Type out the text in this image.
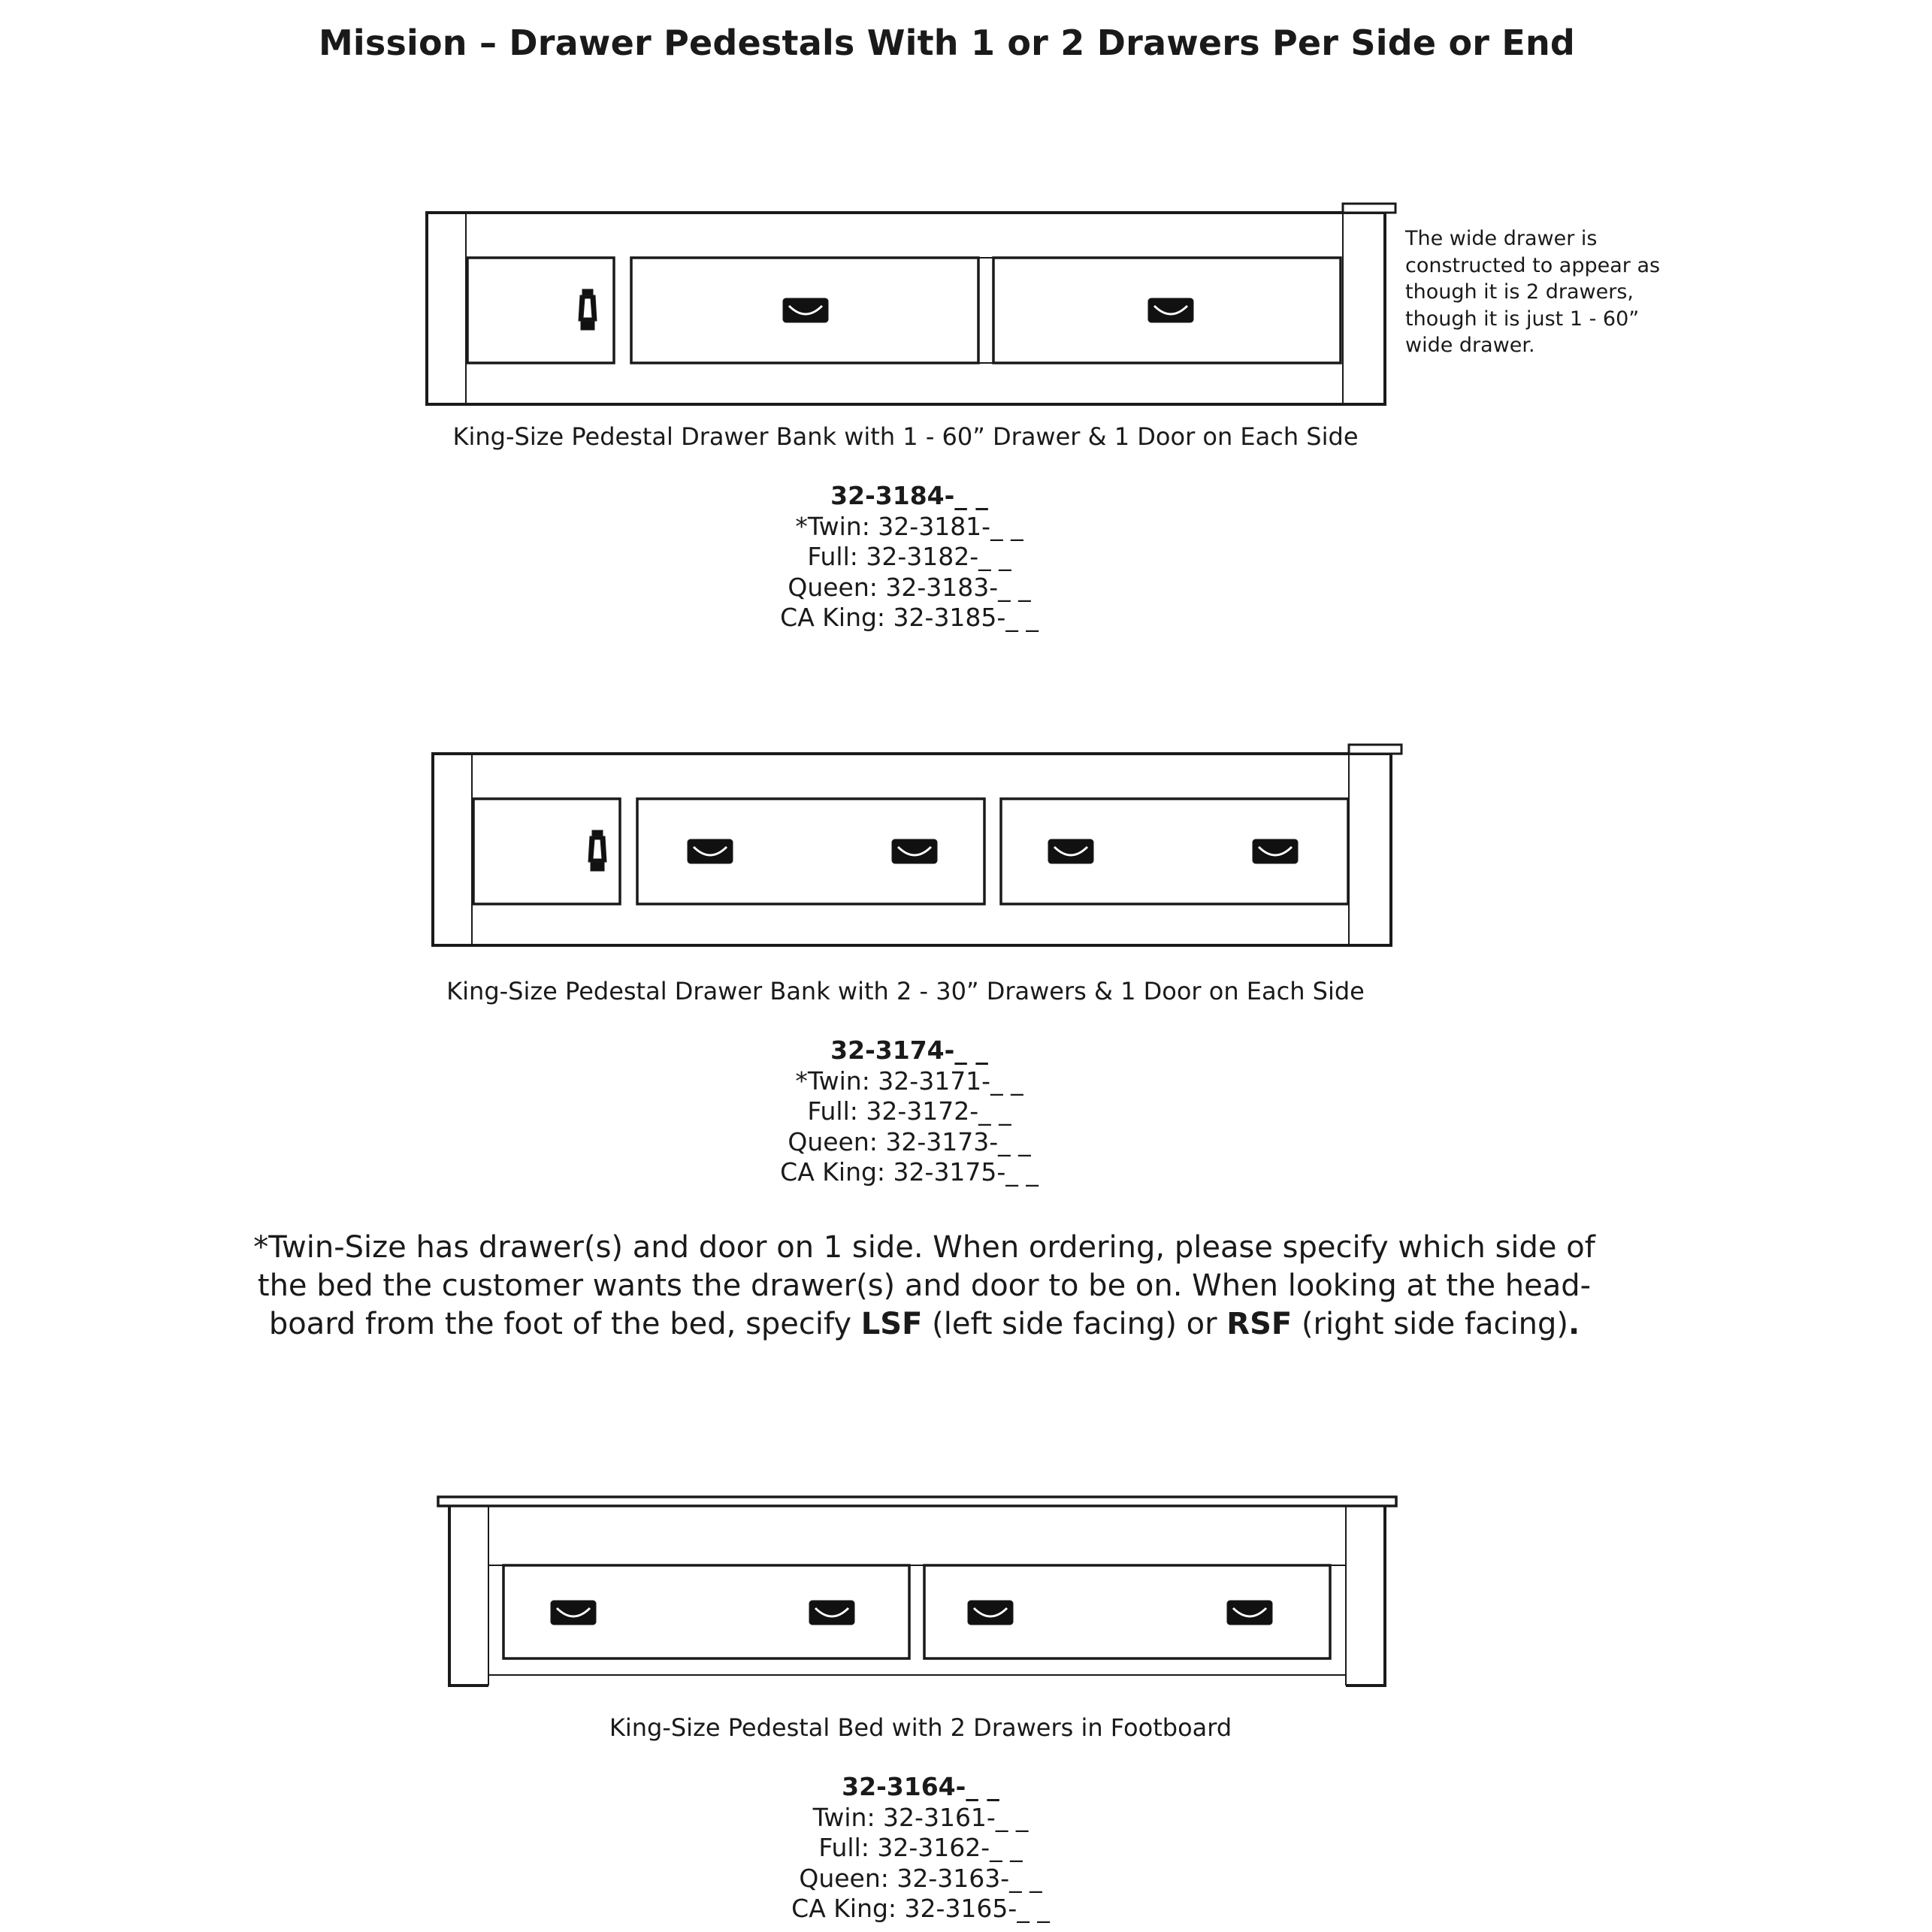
Mission – Drawer Pedestals With 1 or 2 Drawers Per Side or End
The wide drawer is constructed to appear as though it is 2 drawers, though it is just 1 - 60” wide drawer.
King-Size Pedestal Drawer Bank with 1 - 60” Drawer & 1 Door on Each Side
32-3184-_ _
*Twin: 32-3181-_ _
Full: 32-3182-_ _
Queen: 32-3183-_ _
CA King: 32-3185-_ _
King-Size Pedestal Drawer Bank with 2 - 30” Drawers & 1 Door on Each Side
32-3174-_ _
*Twin: 32-3171-_ _
Full: 32-3172-_ _
Queen: 32-3173-_ _
CA King: 32-3175-_ _
*Twin-Size has drawer(s) and door on 1 side. When ordering, please specify which side of the bed the customer wants the drawer(s) and door to be on. When looking at the head-board from the foot of the bed, specify LSF (left side facing) or RSF (right side facing).
King-Size Pedestal Bed with 2 Drawers in Footboard
32-3164-_ _
Twin: 32-3161-_ _
Full: 32-3162-_ _
Queen: 32-3163-_ _
CA King: 32-3165-_ _
